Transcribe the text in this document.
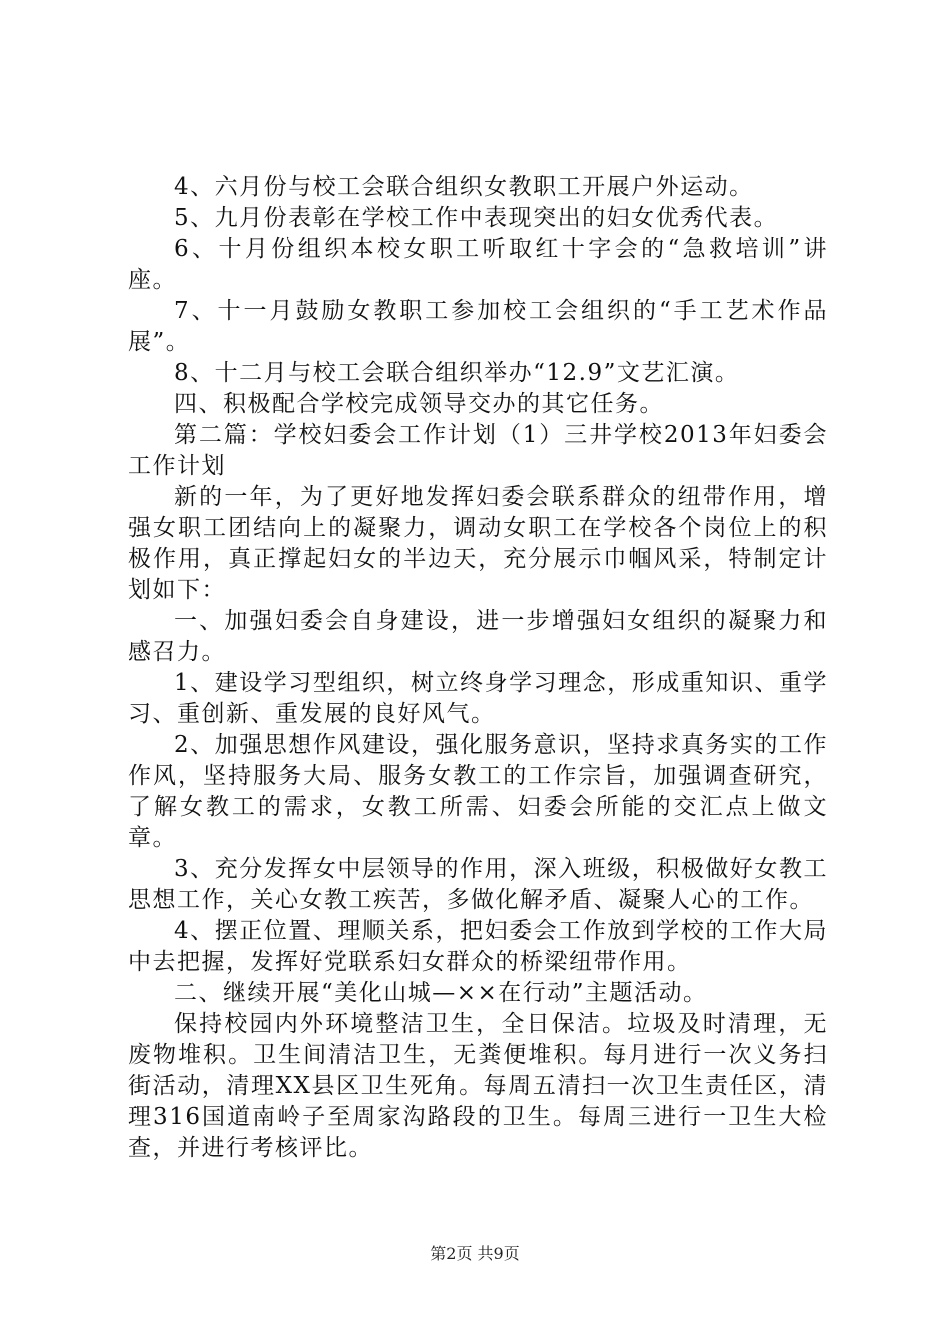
4、六月份与校工会联合组织女教职工开展户外运动。

5、九月份表彰在学校工作中表现突出的妇女优秀代表。

6、十月份组织本校女职工听取红十字会的“急救培训”讲座。

7、十一月鼓励女教职工参加校工会组织的“手工艺术作品展”。

8、十二月与校工会联合组织举办“12.9”文艺汇演。

四、积极配合学校完成领导交办的其它任务。

第二篇：学校妇委会工作计划（1）三井学校2013年妇委会工作计划

新的一年，为了更好地发挥妇委会联系群众的纽带作用，增强女职工团结向上的凝聚力，调动女职工在学校各个岗位上的积极作用，真正撑起妇女的半边天，充分展示巾帼风采，特制定计划如下：

一、加强妇委会自身建设，进一步增强妇女组织的凝聚力和感召力。

1、建设学习型组织，树立终身学习理念，形成重知识、重学习、重创新、重发展的良好风气。

2、加强思想作风建设，强化服务意识，坚持求真务实的工作作风，坚持服务大局、服务女教工的工作宗旨，加强调查研究，了解女教工的需求，女教工所需、妇委会所能的交汇点上做文章。

3、充分发挥女中层领导的作用，深入班级，积极做好女教工思想工作，关心女教工疾苦，多做化解矛盾、凝聚人心的工作。

4、摆正位置、理顺关系，把妇委会工作放到学校的工作大局中去把握，发挥好党联系妇女群众的桥梁纽带作用。

二、继续开展“美化山城—××在行动”主题活动。

保持校园内外环境整洁卫生，全日保洁。垃圾及时清理，无废物堆积。卫生间清洁卫生，无粪便堆积。每月进行一次义务扫街活动，清理XX县区卫生死角。每周五清扫一次卫生责任区，清理316国道南岭子至周家沟路段的卫生。每周三进行一卫生大检查，并进行考核评比。

第2页 共9页
